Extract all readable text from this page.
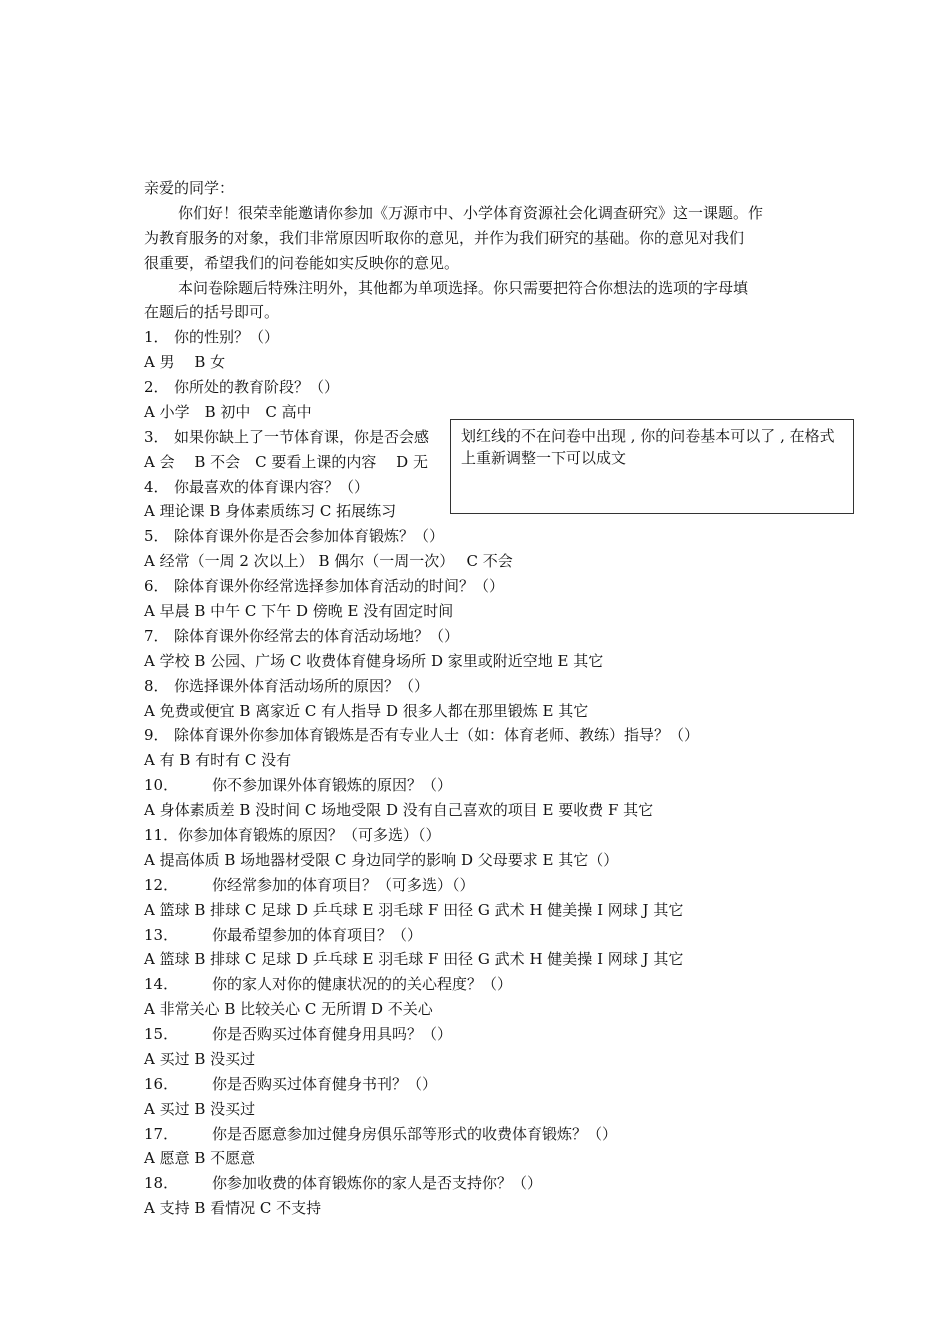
亲爱的同学：
你们好！很荣幸能邀请你参加《万源市中、小学体育资源社会化调查研究》这一课题。作
为教育服务的对象，我们非常原因听取你的意见，并作为我们研究的基础。你的意见对我们
很重要，希望我们的问卷能如实反映你的意见。
本问卷除题后特殊注明外，其他都为单项选择。你只需要把符合你想法的选项的字母填
在题后的括号即可。
1． 你的性别？（）
A 男　 B 女
2． 你所处的教育阶段？（）
A 小学　B 初中　C 高中
3． 如果你缺上了一节体育课，你是否会感
A 会　 B 不会　C 要看上课的内容　 D 无
4． 你最喜欢的体育课内容？（）
A 理论课 B 身体素质练习 C 拓展练习
5． 除体育课外你是否会参加体育锻炼？（）
A 经常（一周 2 次以上） B 偶尔（一周一次）　 C 不会
6． 除体育课外你经常选择参加体育活动的时间？（）
A 早晨 B 中午 C 下午 D 傍晚 E 没有固定时间
7． 除体育课外你经常去的体育活动场地？（）
A 学校 B 公园、广场 C 收费体育健身场所 D 家里或附近空地 E 其它
8． 你选择课外体育活动场所的原因？（）
A 免费或便宜 B 离家近 C 有人指导 D 很多人都在那里锻炼 E 其它
9． 除体育课外你参加体育锻炼是否有专业人士（如：体育老师、教练）指导？（）
A 有 B 有时有 C 没有
10． 你不参加课外体育锻炼的原因？（）
A 身体素质差 B 没时间 C 场地受限 D 没有自己喜欢的项目 E 要收费 F 其它
11．你参加体育锻炼的原因？（可多选）（）
A 提高体质 B 场地器材受限 C 身边同学的影响 D 父母要求 E 其它（）
12． 你经常参加的体育项目？（可多选）（）
A 篮球 B 排球 C 足球 D 乒乓球 E 羽毛球 F 田径 G 武术 H 健美操 I 网球 J 其它
13． 你最希望参加的体育项目？（）
A 篮球 B 排球 C 足球 D 乒乓球 E 羽毛球 F 田径 G 武术 H 健美操 I 网球 J 其它
14． 你的家人对你的健康状况的的关心程度？（）
A 非常关心 B 比较关心 C 无所谓 D 不关心
15． 你是否购买过体育健身用具吗？（）
A 买过 B 没买过
16． 你是否购买过体育健身书刊？（）
A 买过 B 没买过
17． 你是否愿意参加过健身房俱乐部等形式的收费体育锻炼？（）
A 愿意 B 不愿意
18． 你参加收费的体育锻炼你的家人是否支持你？（）
A 支持 B 看情况 C 不支持
划红线的不在问卷中出现 , 你的问卷基本可以了 , 在格式上重新调整一下可以成文
